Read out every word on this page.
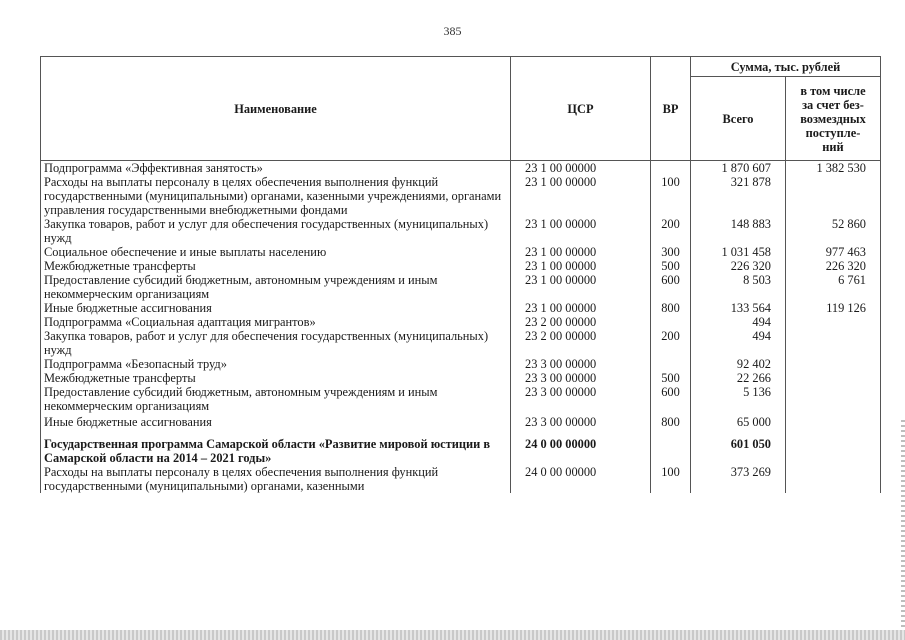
385
Наименование	ЦСР	ВР	Сумма, тыс. рублей	
			Всего	в том числе
за счет без-
возмездных
поступле-
ний
Подпрограмма «Эффективная занятость»	23 1 00 00000		1 870 607	1 382 530
Расходы на выплаты персоналу в целях обеспечения выполнения функций государственными (муниципальными) органами, казенными учреждениями, органами управления государственными внебюджетными фондами	23 1 00 00000	100	321 878	
Закупка товаров, работ и услуг для обеспечения государственных (муниципальных) нужд	23 1 00 00000	200	148 883	52 860
Социальное обеспечение и иные выплаты населению	23 1 00 00000	300	1 031 458	977 463
Межбюджетные трансферты	23 1 00 00000	500	226 320	226 320
Предоставление субсидий бюджетным, автономным учреждениям и иным некоммерческим организациям	23 1 00 00000	600	8 503	6 761
Иные бюджетные ассигнования	23 1 00 00000	800	133 564	119 126
Подпрограмма «Социальная адаптация мигрантов»	23 2 00 00000		494	
Закупка товаров, работ и услуг для обеспечения государственных (муниципальных) нужд	23 2 00 00000	200	494	
Подпрограмма «Безопасный труд»	23 3 00 00000		92 402	
Межбюджетные трансферты	23 3 00 00000	500	22 266	
Предоставление субсидий бюджетным, автономным учреждениям и иным некоммерческим организациям	23 3 00 00000	600	5 136	
Иные бюджетные ассигнования	23 3 00 00000	800	65 000	
Государственная программа Самарской области «Развитие мировой юстиции в Самарской области на 2014 – 2021 годы»	24 0 00 00000		601 050	
Расходы на выплаты персоналу в целях обеспечения выполнения функций государственными (муниципальными) органами, казенными	24 0 00 00000	100	373 269	
